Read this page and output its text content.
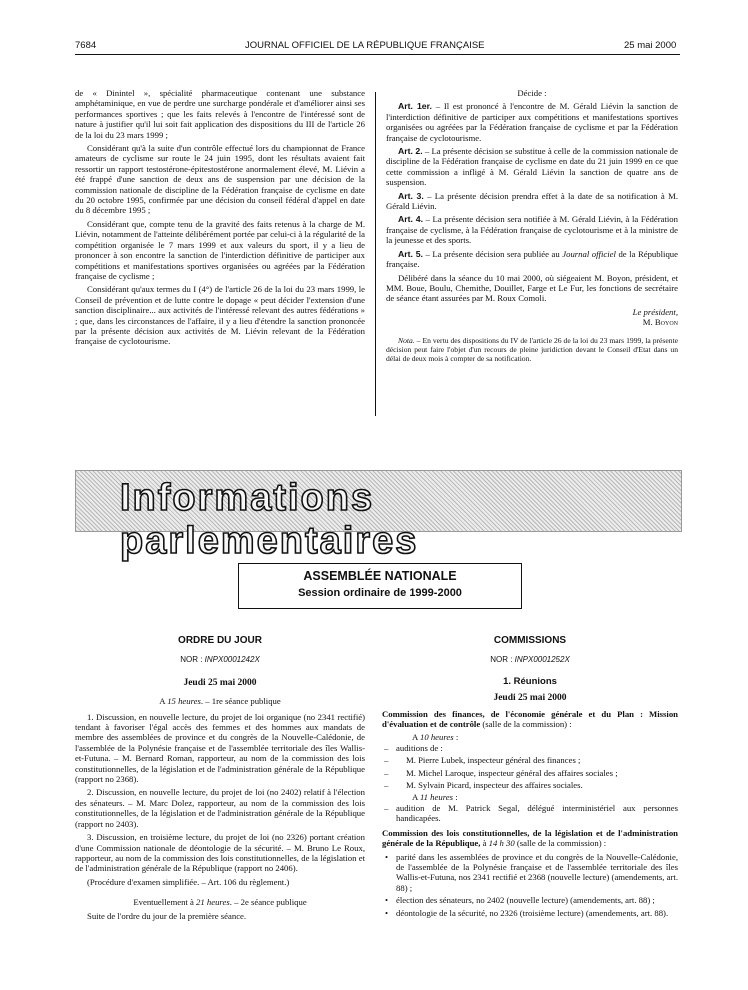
7684	JOURNAL OFFICIEL DE LA RÉPUBLIQUE FRANÇAISE	25 mai 2000

de « Dinintel », spécialité pharmaceutique contenant une substance amphétaminique, en vue de perdre une surcharge pondérale et d'améliorer ainsi ses performances sportives ; que les faits relevés à l'encontre de l'intéressé sont de nature à justifier qu'il lui soit fait application des dispositions du III de l'article 26 de la loi du 23 mars 1999 ;

Considérant qu'à la suite d'un contrôle effectué lors du championnat de France amateurs de cyclisme sur route le 24 juin 1995, dont les résultats avaient fait ressortir un rapport testostérone-épitestostérone anormalement élevé, M. Liévin a été frappé d'une sanction de deux ans de suspension par une décision de la commission nationale de discipline de la Fédération française de cyclisme en date du 20 octobre 1995, confirmée par une décision du conseil fédéral d'appel en date du 8 décembre 1995 ;

Considérant que, compte tenu de la gravité des faits retenus à la charge de M. Liévin, notamment de l'atteinte délibérément portée par celui-ci à la régularité de la compétition organisée le 7 mars 1999 et aux valeurs du sport, il y a lieu de prononcer à son encontre la sanction de l'interdiction définitive de participer aux compétitions et manifestations sportives organisées ou agréées par la Fédération française de cyclisme ;

Considérant qu'aux termes du I (4°) de l'article 26 de la loi du 23 mars 1999, le Conseil de prévention et de lutte contre le dopage « peut décider l'extension d'une sanction disciplinaire... aux activités de l'intéressé relevant des autres fédérations » ; que, dans les circonstances de l'affaire, il y a lieu d'étendre la sanction prononcée par la présente décision aux activités de M. Liévin relevant de la Fédération française de cyclotourisme.

Décide :

Art. 1er. – Il est prononcé à l'encontre de M. Gérald Liévin la sanction de l'interdiction définitive de participer aux compétitions et manifestations sportives organisées ou agréées par la Fédération française de cyclisme et par la Fédération française de cyclotourisme.

Art. 2. – La présente décision se substitue à celle de la commission nationale de discipline de la Fédération française de cyclisme en date du 21 juin 1999 en ce que cette commission a infligé à M. Gérald Liévin la sanction de quatre ans de suspension.

Art. 3. – La présente décision prendra effet à la date de sa notification à M. Gérald Liévin.

Art. 4. – La présente décision sera notifiée à M. Gérald Liévin, à la Fédération française de cyclisme, à la Fédération française de cyclotourisme et à la ministre de la jeunesse et des sports.

Art. 5. – La présente décision sera publiée au Journal officiel de la République française.

Délibéré dans la séance du 10 mai 2000, où siégeaient M. Boyon, président, et MM. Boue, Boulu, Chemithe, Douillet, Farge et Le Fur, les fonctions de secrétaire de séance étant assurées par M. Roux Comoli.

Le président,

M. Boyon

Nota. – En vertu des dispositions du IV de l'article 26 de la loi du 23 mars 1999, la présente décision peut faire l'objet d'un recours de pleine juridiction devant le Conseil d'Etat dans un délai de deux mois à compter de sa notification.

Informations parlementaires
ASSEMBLÉE NATIONALE
Session ordinaire de 1999-2000
ORDRE DU JOUR
NOR : INPX0001242X
Jeudi 25 mai 2000

A 15 heures. – 1re séance publique

1. Discussion, en nouvelle lecture, du projet de loi organique (no 2341 rectifié) tendant à favoriser l'égal accès des femmes et des hommes aux mandats de membre des assemblées de province et du congrès de la Nouvelle-Calédonie, de l'assemblée de la Polynésie française et de l'assemblée territoriale des îles Wallis-et-Futuna. – M. Bernard Roman, rapporteur, au nom de la commission des lois constitutionnelles, de la législation et de l'administration générale de la République (rapport no 2368).

2. Discussion, en nouvelle lecture, du projet de loi (no 2402) relatif à l'élection des sénateurs. – M. Marc Dolez, rapporteur, au nom de la commission des lois constitutionnelles, de la législation et de l'administration générale de la République (rapport no 2403).

3. Discussion, en troisième lecture, du projet de loi (no 2326) portant création d'une Commission nationale de déontologie de la sécurité. – M. Bruno Le Roux, rapporteur, au nom de la commission des lois constitutionnelles, de la législation et de l'administration générale de la République (rapport no 2406).

(Procédure d'examen simplifiée. – Art. 106 du règlement.)

Eventuellement à 21 heures. – 2e séance publique

Suite de l'ordre du jour de la première séance.

COMMISSIONS
NOR : INPX0001252X
1. Réunions
Jeudi 25 mai 2000

Commission des finances, de l'économie générale et du Plan : Mission d'évaluation et de contrôle (salle de la commission) :

A 10 heures :

– auditions de :
– M. Pierre Lubek, inspecteur général des finances ;
– M. Michel Laroque, inspecteur général des affaires sociales ;
– M. Sylvain Picard, inspecteur des affaires sociales.

A 11 heures :

– audition de M. Patrick Segal, délégué interministériel aux personnes handicapées.

Commission des lois constitutionnelles, de la législation et de l'administration générale de la République, à 14 h 30 (salle de la commission) :

• parité dans les assemblées de province et du congrès de la Nouvelle-Calédonie, de l'assemblée de la Polynésie française et de l'assemblée territoriale des îles Wallis-et-Futuna, nos 2341 rectifié et 2368 (nouvelle lecture) (amendements, art. 88) ;
• élection des sénateurs, no 2402 (nouvelle lecture) (amendements, art. 88) ;
• déontologie de la sécurité, no 2326 (troisième lecture) (amendements, art. 88).
